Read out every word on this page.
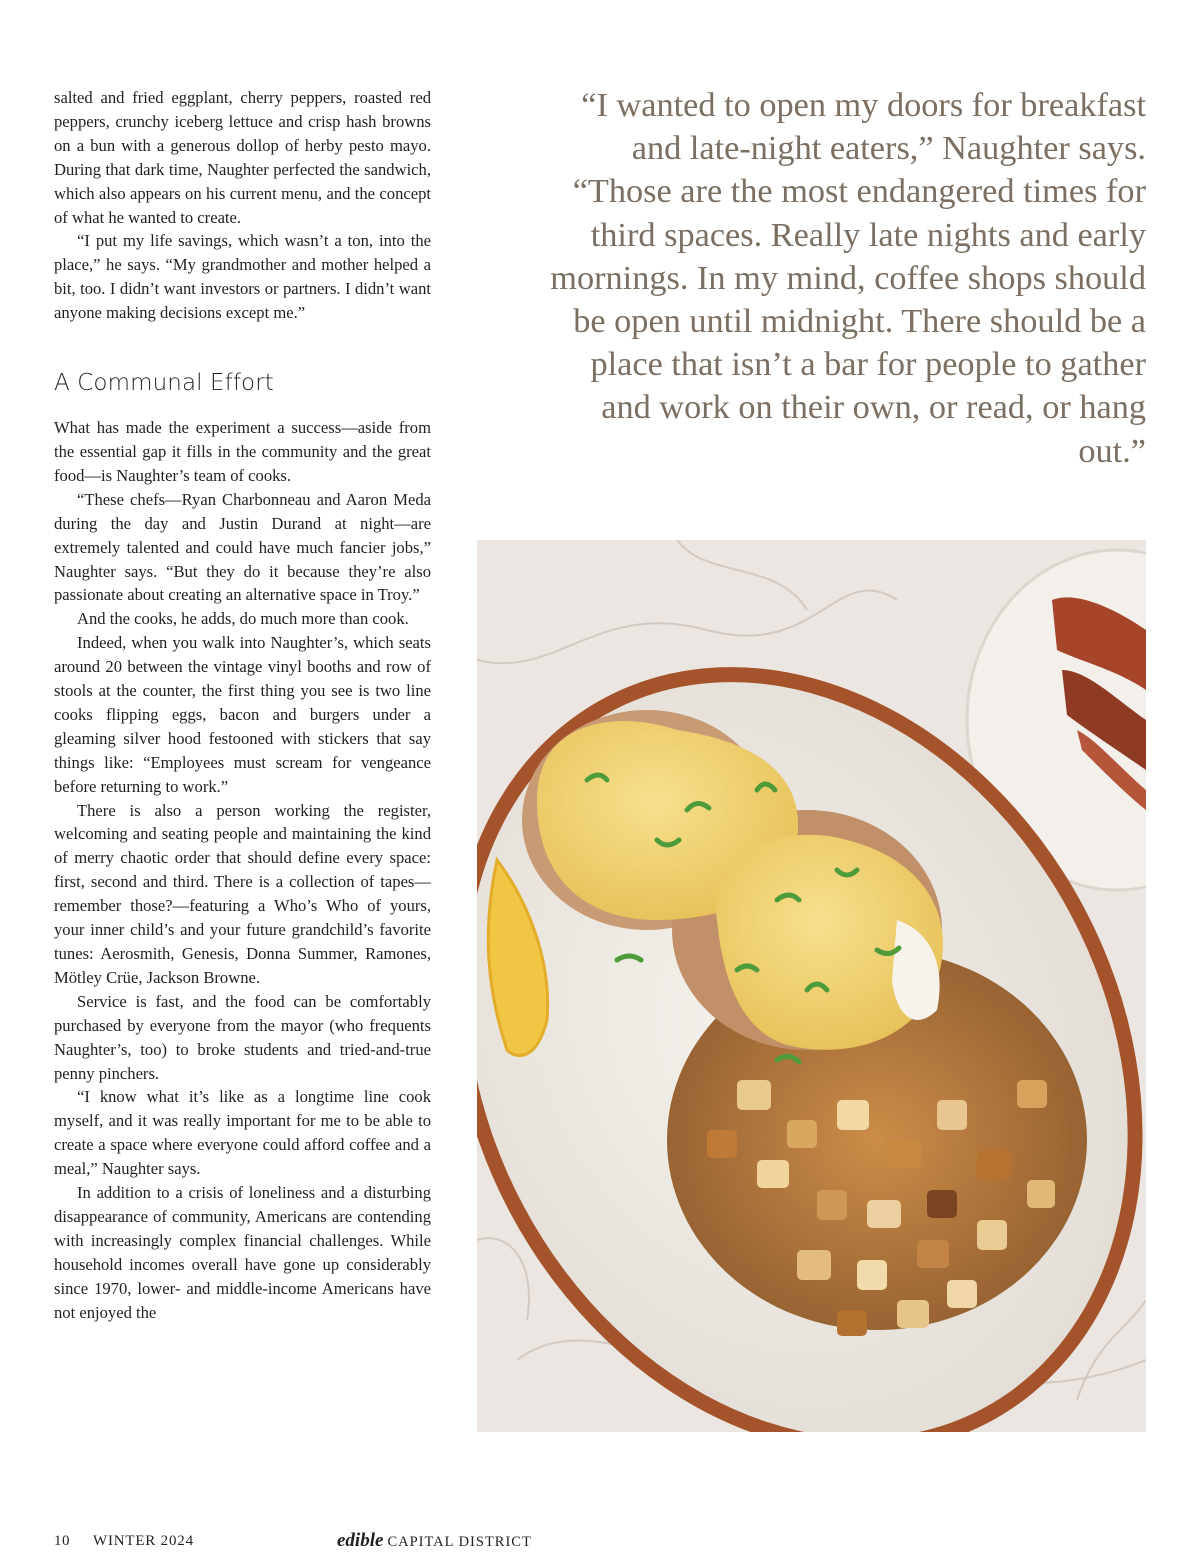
salted and fried eggplant, cherry peppers, roasted red peppers, crunchy iceberg lettuce and crisp hash browns on a bun with a generous dollop of herby pesto mayo. During that dark time, Naughter perfected the sandwich, which also appears on his current menu, and the concept of what he wanted to create.

“I put my life savings, which wasn’t a ton, into the place,” he says. “My grandmother and mother helped a bit, too. I didn’t want investors or partners. I didn’t want anyone making decisions except me.”

A Communal Effort

What has made the experiment a success—aside from the essential gap it fills in the community and the great food—is Naughter’s team of cooks.

“These chefs—Ryan Charbonneau and Aaron Meda during the day and Justin Durand at night—are extremely talented and could have much fancier jobs,” Naughter says. “But they do it because they’re also passionate about creating an alternative space in Troy.”

And the cooks, he adds, do much more than cook.

Indeed, when you walk into Naughter’s, which seats around 20 between the vintage vinyl booths and row of stools at the counter, the first thing you see is two line cooks flipping eggs, bacon and burgers under a gleaming silver hood festooned with stickers that say things like: “Employees must scream for vengeance before returning to work.”

There is also a person working the register, welcoming and seating people and maintaining the kind of merry chaotic order that should define every space: first, second and third. There is a collection of tapes—remember those?—featuring a Who’s Who of yours, your inner child’s and your future grandchild’s favorite tunes: Aerosmith, Genesis, Donna Summer, Ramones, Mötley Crüe, Jackson Browne.

Service is fast, and the food can be comfortably purchased by everyone from the mayor (who frequents Naughter’s, too) to broke students and tried-and-true penny pinchers.

“I know what it’s like as a longtime line cook myself, and it was really important for me to be able to create a space where everyone could afford coffee and a meal,” Naughter says.

In addition to a crisis of loneliness and a disturbing disappearance of community, Americans are contending with increasingly complex financial challenges. While household incomes overall have gone up considerably since 1970, lower- and middle-income Americans have not enjoyed the

“I wanted to open my doors for breakfast and late-night eaters,” Naughter says. “Those are the most endangered times for third spaces. Really late nights and early mornings. In my mind, coffee shops should be open until midnight. There should be a place that isn’t a bar for people to gather and work on their own, or read, or hang out.”

10 WINTER 2024	edible CAPITAL DISTRICT
